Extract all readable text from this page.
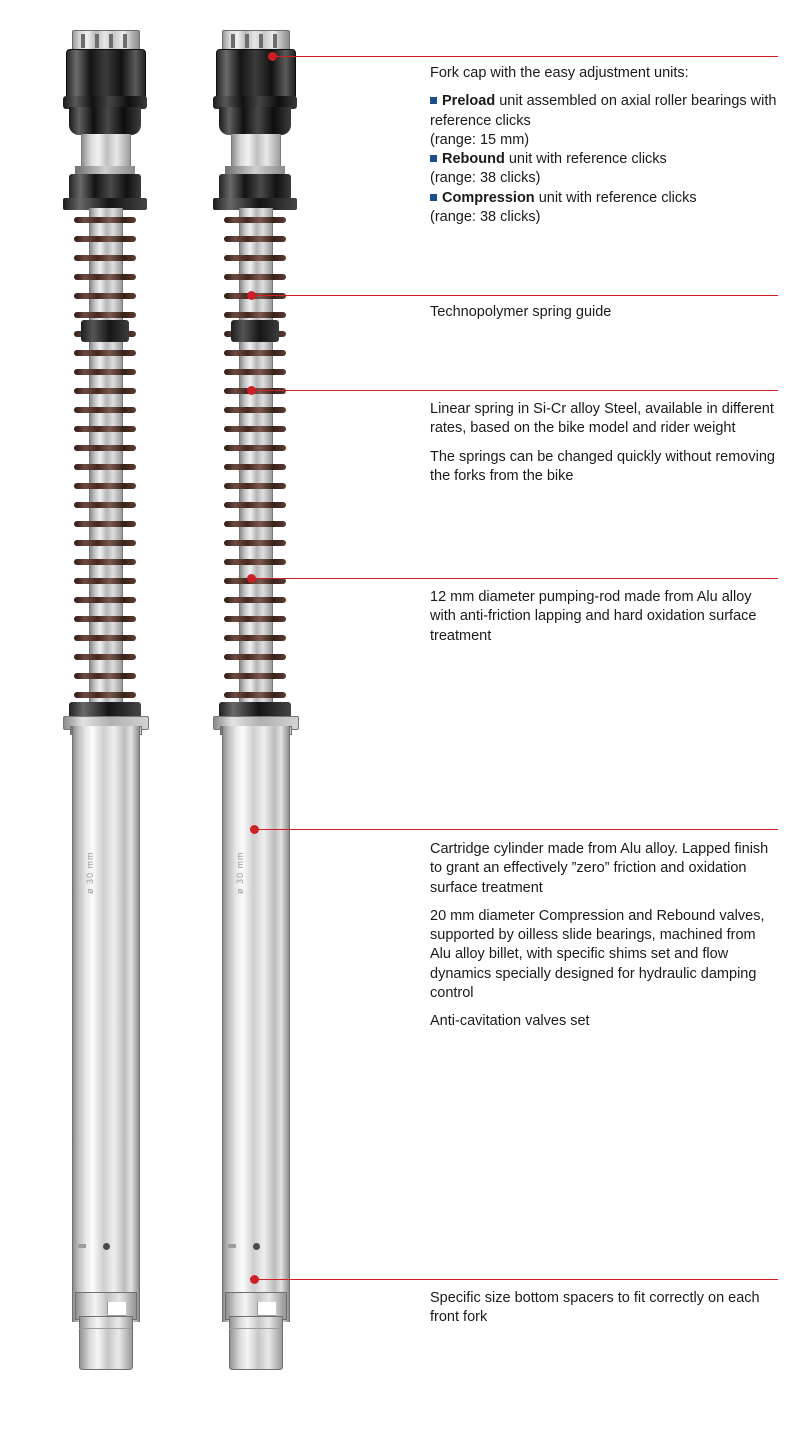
ø 30 mm	ø 30 mm

Fork cap with the easy adjustment units:

Preload unit assembled on axial roller bearings with reference clicks

(range: 15 mm)

Rebound unit with reference clicks

(range: 38 clicks)

Compression unit with reference clicks

(range: 38 clicks)

Technopolymer spring guide

Linear spring in Si-Cr alloy Steel, available in different rates, based on the bike model and rider weight

The springs can be changed quickly without removing the forks from the bike

12 mm diameter pumping-rod made from Alu alloy with anti-friction lapping and hard oxidation surface treatment

Cartridge cylinder made from Alu alloy. Lapped finish to grant an effectively ”zero” friction and oxidation surface treatment

20 mm diameter Compression and Rebound valves, supported by oilless slide bearings, machined from Alu alloy billet, with specific shims set and flow dynamics specially designed for hydraulic damping control

Anti-cavitation valves set

Specific size bottom spacers to fit correctly on each front fork
